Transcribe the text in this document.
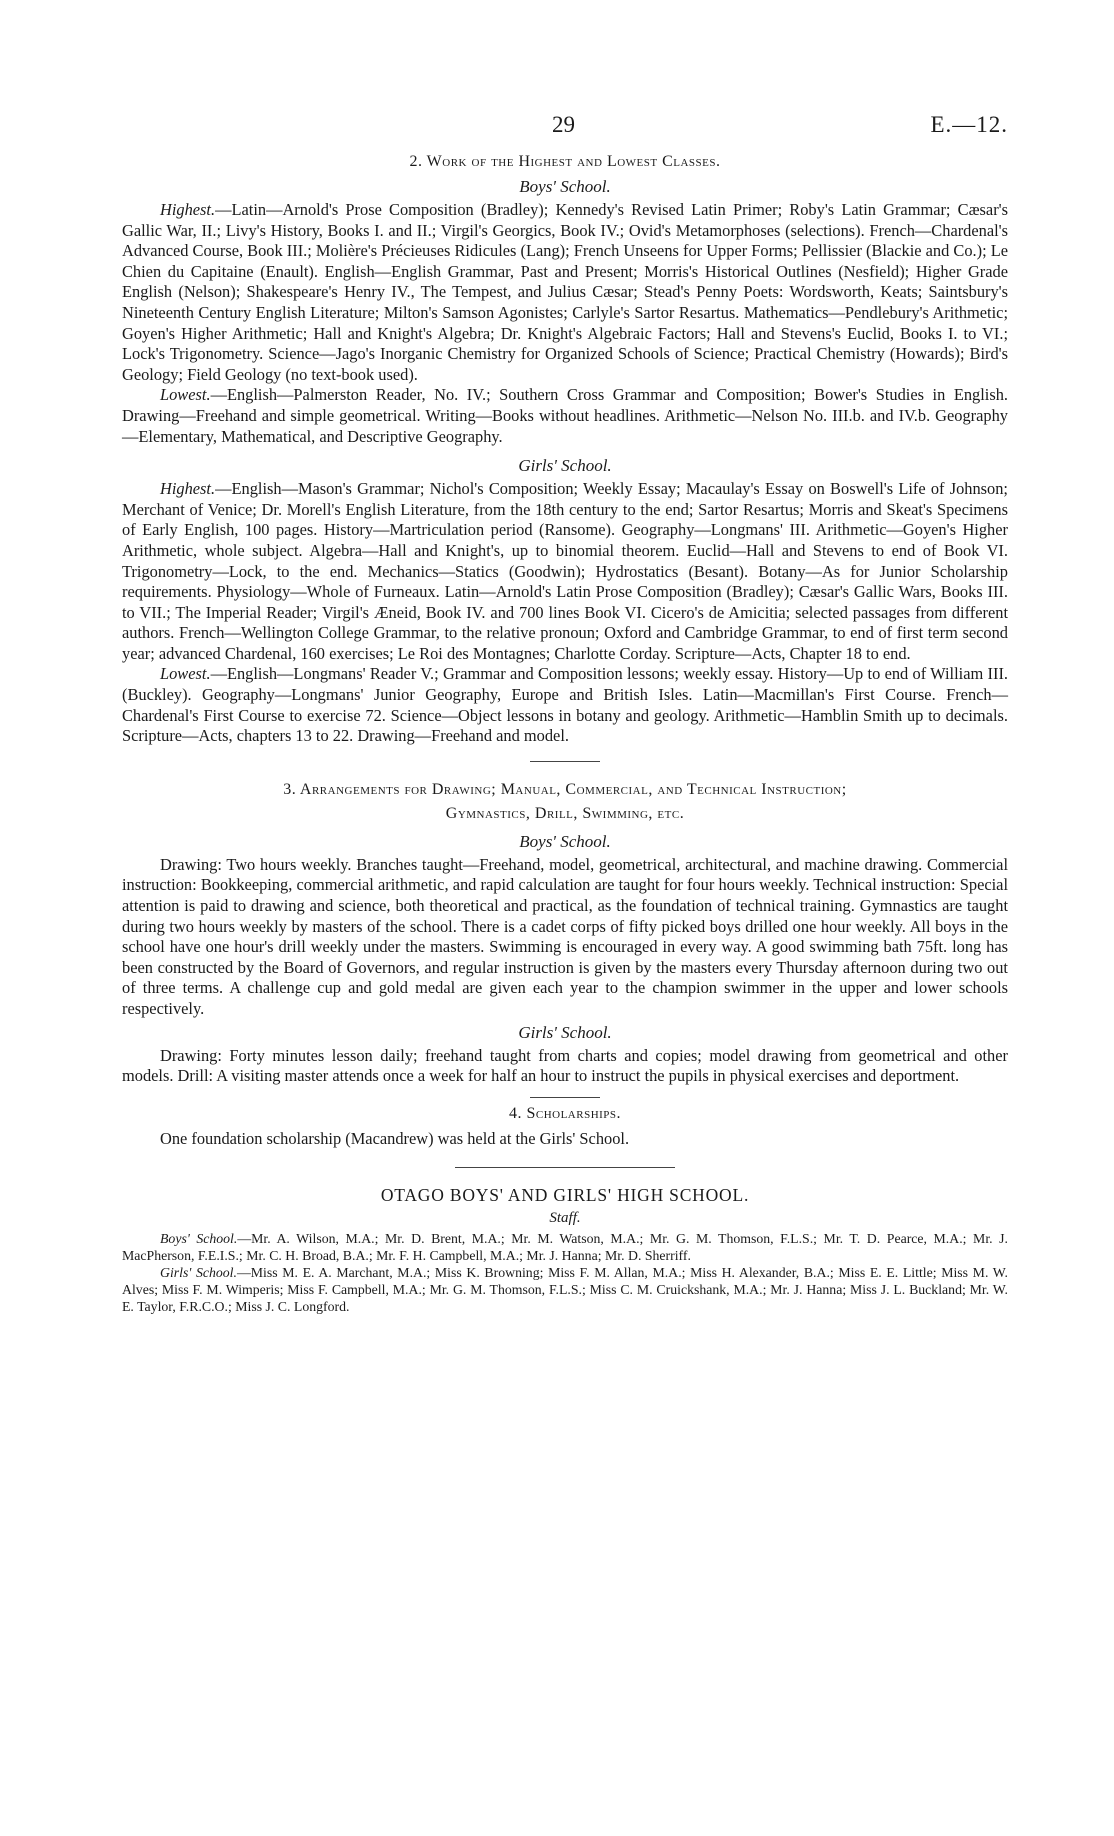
29	E.—12.
2. Work of the Highest and Lowest Classes.
Boys' School.

Highest.—Latin—Arnold's Prose Composition (Bradley); Kennedy's Revised Latin Primer; Roby's Latin Grammar; Cæsar's Gallic War, II.; Livy's History, Books I. and II.; Virgil's Georgics, Book IV.; Ovid's Metamorphoses (selections). French—Chardenal's Advanced Course, Book III.; Molière's Précieuses Ridicules (Lang); French Unseens for Upper Forms; Pellissier (Blackie and Co.); Le Chien du Capitaine (Enault). English—English Grammar, Past and Present; Morris's Historical Outlines (Nesfield); Higher Grade English (Nelson); Shakespeare's Henry IV., The Tempest, and Julius Cæsar; Stead's Penny Poets: Wordsworth, Keats; Saintsbury's Nineteenth Century English Literature; Milton's Samson Agonistes; Carlyle's Sartor Resartus. Mathematics—Pendlebury's Arithmetic; Goyen's Higher Arithmetic; Hall and Knight's Algebra; Dr. Knight's Algebraic Factors; Hall and Stevens's Euclid, Books I. to VI.; Lock's Trigonometry. Science—Jago's Inorganic Chemistry for Organized Schools of Science; Practical Chemistry (Howards); Bird's Geology; Field Geology (no text-book used).

Lowest.—English—Palmerston Reader, No. IV.; Southern Cross Grammar and Composition; Bower's Studies in English. Drawing—Freehand and simple geometrical. Writing—Books without headlines. Arithmetic—Nelson No. III.b. and IV.b. Geography—Elementary, Mathematical, and Descriptive Geography.

Girls' School.

Highest.—English—Mason's Grammar; Nichol's Composition; Weekly Essay; Macaulay's Essay on Boswell's Life of Johnson; Merchant of Venice; Dr. Morell's English Literature, from the 18th century to the end; Sartor Resartus; Morris and Skeat's Specimens of Early English, 100 pages. History—Martriculation period (Ransome). Geography—Longmans' III. Arithmetic—Goyen's Higher Arithmetic, whole subject. Algebra—Hall and Knight's, up to binomial theorem. Euclid—Hall and Stevens to end of Book VI. Trigonometry—Lock, to the end. Mechanics—Statics (Goodwin); Hydrostatics (Besant). Botany—As for Junior Scholarship requirements. Physiology—Whole of Furneaux. Latin—Arnold's Latin Prose Composition (Bradley); Cæsar's Gallic Wars, Books III. to VII.; The Imperial Reader; Virgil's Æneid, Book IV. and 700 lines Book VI. Cicero's de Amicitia; selected passages from different authors. French—Wellington College Grammar, to the relative pronoun; Oxford and Cambridge Grammar, to end of first term second year; advanced Chardenal, 160 exercises; Le Roi des Montagnes; Charlotte Corday. Scripture—Acts, Chapter 18 to end.

Lowest.—English—Longmans' Reader V.; Grammar and Composition lessons; weekly essay. History—Up to end of William III. (Buckley). Geography—Longmans' Junior Geography, Europe and British Isles. Latin—Macmillan's First Course. French—Chardenal's First Course to exercise 72. Science—Object lessons in botany and geology. Arithmetic—Hamblin Smith up to decimals. Scripture—Acts, chapters 13 to 22. Drawing—Freehand and model.

3. Arrangements for Drawing; Manual, Commercial, and Technical Instruction;
Gymnastics, Drill, Swimming, etc.
Boys' School.

Drawing: Two hours weekly. Branches taught—Freehand, model, geometrical, architectural, and machine drawing. Commercial instruction: Bookkeeping, commercial arithmetic, and rapid calculation are taught for four hours weekly. Technical instruction: Special attention is paid to drawing and science, both theoretical and practical, as the foundation of technical training. Gymnastics are taught during two hours weekly by masters of the school. There is a cadet corps of fifty picked boys drilled one hour weekly. All boys in the school have one hour's drill weekly under the masters. Swimming is encouraged in every way. A good swimming bath 75ft. long has been constructed by the Board of Governors, and regular instruction is given by the masters every Thursday afternoon during two out of three terms. A challenge cup and gold medal are given each year to the champion swimmer in the upper and lower schools respectively.

Girls' School.

Drawing: Forty minutes lesson daily; freehand taught from charts and copies; model drawing from geometrical and other models. Drill: A visiting master attends once a week for half an hour to instruct the pupils in physical exercises and deportment.

4. Scholarships.

One foundation scholarship (Macandrew) was held at the Girls' School.

OTAGO BOYS' AND GIRLS' HIGH SCHOOL.
Staff.

Boys' School.—Mr. A. Wilson, M.A.; Mr. D. Brent, M.A.; Mr. M. Watson, M.A.; Mr. G. M. Thomson, F.L.S.; Mr. T. D. Pearce, M.A.; Mr. J. MacPherson, F.E.I.S.; Mr. C. H. Broad, B.A.; Mr. F. H. Campbell, M.A.; Mr. J. Hanna; Mr. D. Sherriff.

Girls' School.—Miss M. E. A. Marchant, M.A.; Miss K. Browning; Miss F. M. Allan, M.A.; Miss H. Alexander, B.A.; Miss E. E. Little; Miss M. W. Alves; Miss F. M. Wimperis; Miss F. Campbell, M.A.; Mr. G. M. Thomson, F.L.S.; Miss C. M. Cruickshank, M.A.; Mr. J. Hanna; Miss J. L. Buckland; Mr. W. E. Taylor, F.R.C.O.; Miss J. C. Longford.
